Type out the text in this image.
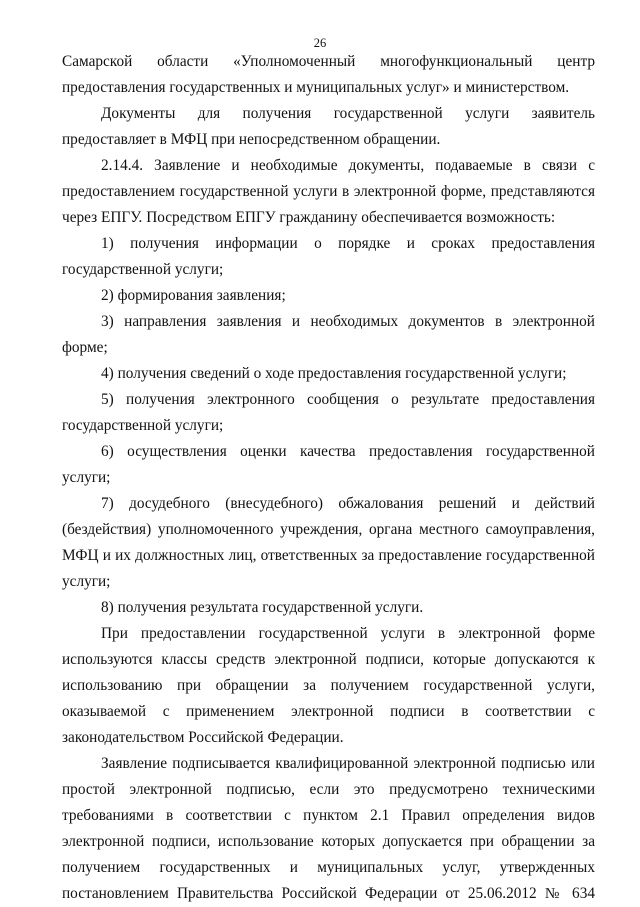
26

Самарской области «Уполномоченный многофункциональный центр предоставления государственных и муниципальных услуг» и министерством.

Документы для получения государственной услуги заявитель предоставляет в МФЦ при непосредственном обращении.

2.14.4. Заявление и необходимые документы, подаваемые в связи с предоставлением государственной услуги в электронной форме, представляются через ЕПГУ. Посредством ЕПГУ гражданину обеспечивается возможность:

1) получения информации о порядке и сроках предоставления государственной услуги;

2) формирования заявления;

3) направления заявления и необходимых документов в электронной форме;

4) получения сведений о ходе предоставления государственной услуги;

5) получения электронного сообщения о результате предоставления государственной услуги;

6) осуществления оценки качества предоставления государственной услуги;

7) досудебного (внесудебного) обжалования решений и действий (бездействия) уполномоченного учреждения, органа местного самоуправления, МФЦ и их должностных лиц, ответственных за предоставление государственной услуги;

8) получения результата государственной услуги.

При предоставлении государственной услуги в электронной форме используются классы средств электронной подписи, которые допускаются к использованию при обращении за получением государственной услуги, оказываемой с применением электронной подписи в соответствии с законодательством Российской Федерации.

Заявление подписывается квалифицированной электронной подписью или простой электронной подписью, если это предусмотрено техническими требованиями в соответствии с пунктом 2.1 Правил определения видов электронной подписи, использование которых допускается при обращении за получением государственных и муниципальных услуг, утвержденных постановлением Правительства Российской Федерации от 25.06.2012 № 634
